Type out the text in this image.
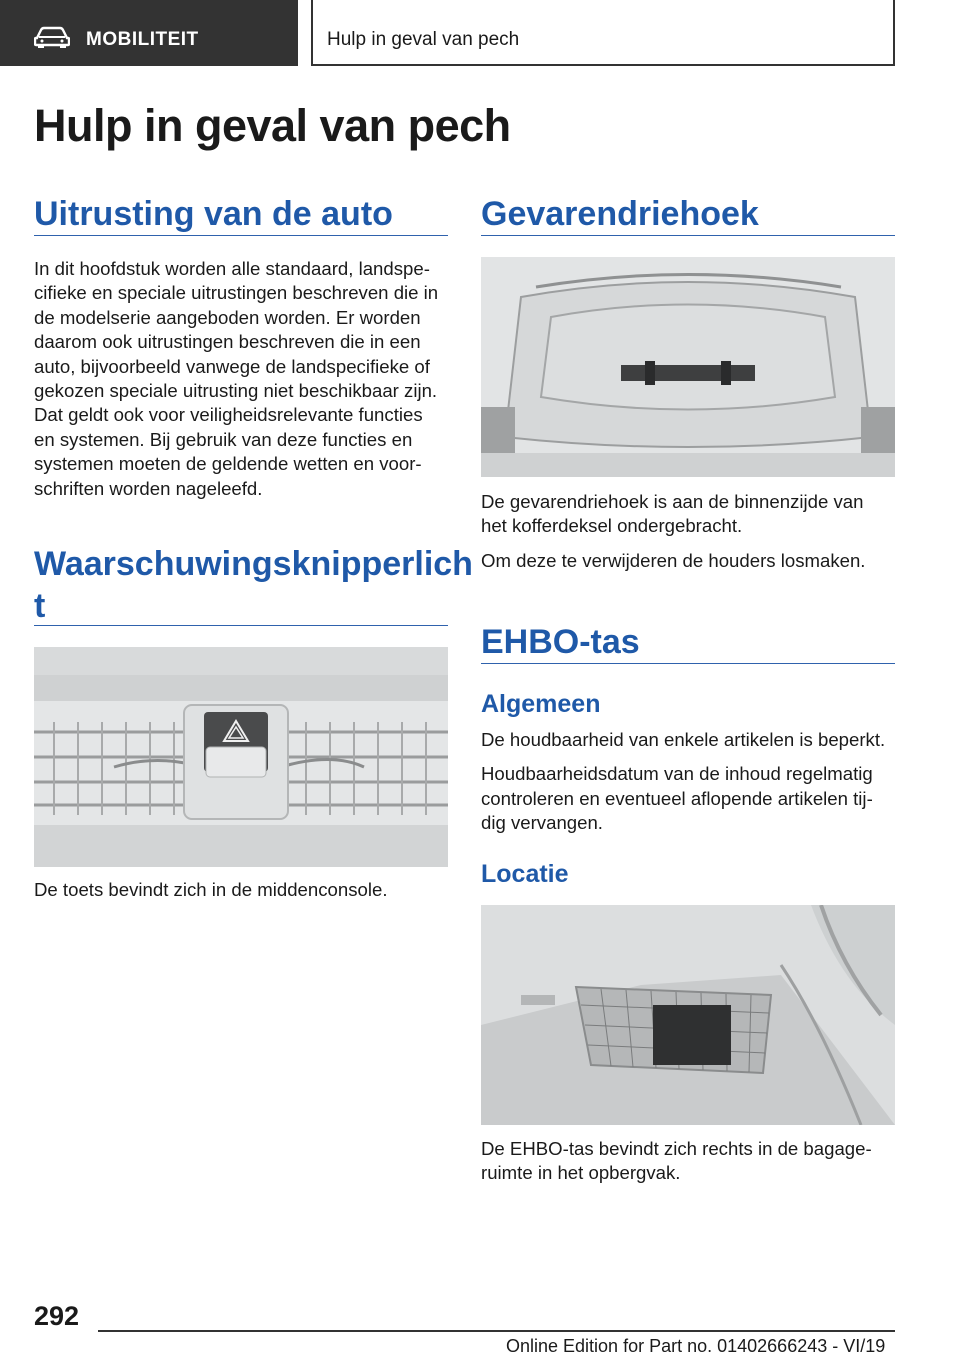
MOBILITEIT	Hulp in geval van pech
Hulp in geval van pech
Uitrusting van de auto
In dit hoofdstuk worden alle standaard, landspe-
cifieke en speciale uitrustingen beschreven die in
de modelserie aangeboden worden. Er worden
daarom ook uitrustingen beschreven die in een
auto, bijvoorbeeld vanwege de landspecifieke of
gekozen speciale uitrusting niet beschikbaar zijn.
Dat geldt ook voor veiligheidsrelevante functies
en systemen. Bij gebruik van deze functies en
systemen moeten de geldende wetten en voor-
schriften worden nageleefd.
Waarschuwingsknipperlich
t
De toets bevindt zich in de middenconsole.
Gevarendriehoek
De gevarendriehoek is aan de binnenzijde van
het kofferdeksel ondergebracht.
Om deze te verwijderen de houders losmaken.
EHBO-tas
Algemeen
De houdbaarheid van enkele artikelen is beperkt.
Houdbaarheidsdatum van de inhoud regelmatig
controleren en eventueel aflopende artikelen tij-
dig vervangen.
Locatie
De EHBO-tas bevindt zich rechts in de bagage-
ruimte in het opbergvak.
292
Online Edition for Part no. 01402666243 - VI/19
